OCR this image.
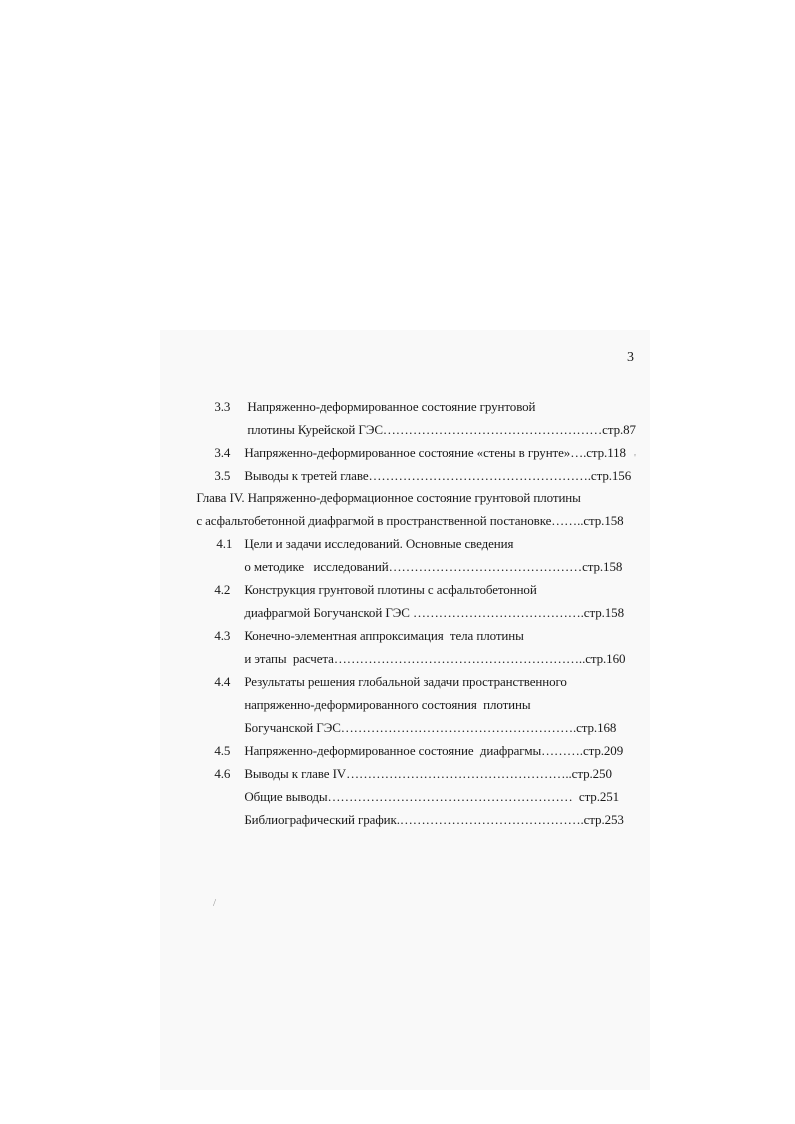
3

3.3 Напряженно-деформированное состояние грунтовой

плотины Курейской ГЭС……………………………………………стр.87

3.4 Напряженно-деформированное состояние «стены в грунте»….стр.118

3.5 Выводы к третей главе…………………………………………….стр.156

Глава IV. Напряженно-деформационное состояние грунтовой плотины

с асфальтобетонной диафрагмой в пространственной постановке……..стр.158

4.1 Цели и задачи исследований. Основные сведения

о методике   исследований………………………………………стр.158

4.2 Конструкция грунтовой плотины с асфальтобетонной

диафрагмой Богучанской ГЭС ………………………………….стр.158

4.3 Конечно-элементная аппроксимация  тела плотины

и этапы  расчета…………………………………………………..стр.160

4.4 Результаты решения глобальной задачи пространственного

напряженно-деформированного состояния  плотины

Богучанской ГЭС……………………………………………….стр.168

4.5 Напряженно-деформированное состояние  диафрагмы……….стр.209

4.6 Выводы к главе IV……………………………………………..стр.250

Общие выводы…………………………………………………  стр.251

Библиографический график.…………………………………….стр.253

'
/
